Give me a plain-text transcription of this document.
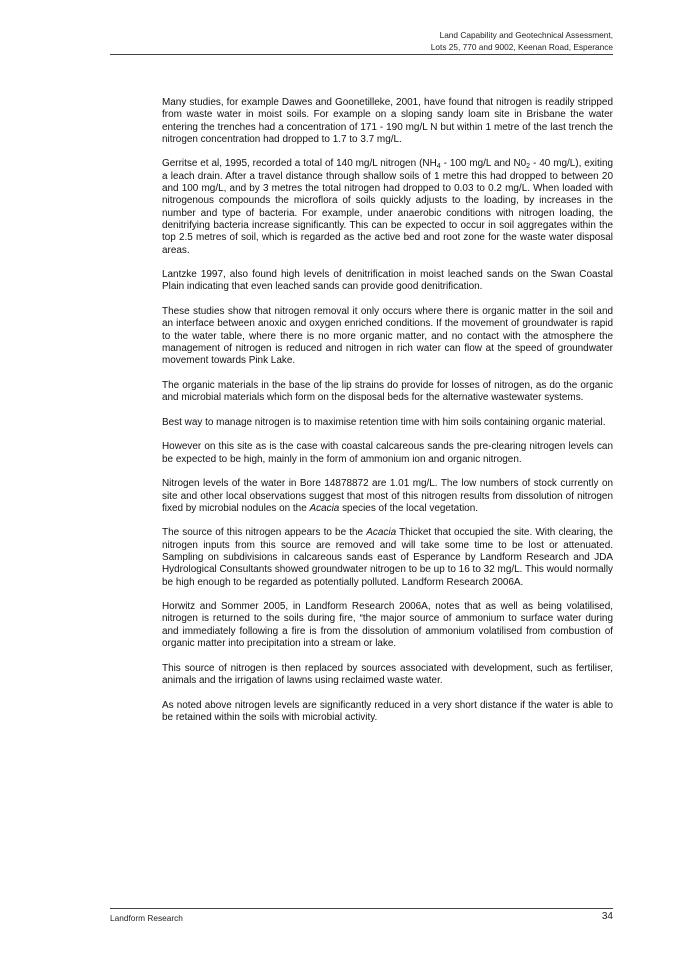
Land Capability and Geotechnical Assessment,
Lots 25, 770 and 9002, Keenan Road, Esperance

Many studies, for example Dawes and Goonetilleke, 2001, have found that nitrogen is readily stripped from waste water in moist soils. For example on a sloping sandy loam site in Brisbane the water entering the trenches had a concentration of 171 - 190 mg/L N but within 1 metre of the last trench the nitrogen concentration had dropped to 1.7 to 3.7 mg/L.

Gerritse et al, 1995, recorded a total of 140 mg/L nitrogen ($NH_4 - 100$ mg/L and $N0_2 - 40$ mg/L), exiting a leach drain. After a travel distance through shallow soils of 1 metre this had dropped to between 20 and 100 mg/L, and by 3 metres the total nitrogen had dropped to 0.03 to 0.2 mg/L. When loaded with nitrogenous compounds the microflora of soils quickly adjusts to the loading, by increases in the number and type of bacteria. For example, under anaerobic conditions with nitrogen loading, the denitrifying bacteria increase significantly. This can be expected to occur in soil aggregates within the top 2.5 metres of soil, which is regarded as the active bed and root zone for the waste water disposal areas.

Lantzke 1997, also found high levels of denitrification in moist leached sands on the Swan Coastal Plain indicating that even leached sands can provide good denitrification.

These studies show that nitrogen removal it only occurs where there is organic matter in the soil and an interface between anoxic and oxygen enriched conditions. If the movement of groundwater is rapid to the water table, where there is no more organic matter, and no contact with the atmosphere the management of nitrogen is reduced and nitrogen in rich water can flow at the speed of groundwater movement towards Pink Lake.

The organic materials in the base of the lip strains do provide for losses of nitrogen, as do the organic and microbial materials which form on the disposal beds for the alternative wastewater systems.

Best way to manage nitrogen is to maximise retention time with him soils containing organic material.

However on this site as is the case with coastal calcareous sands the pre-clearing nitrogen levels can be expected to be high, mainly in the form of ammonium ion and organic nitrogen.

Nitrogen levels of the water in Bore 14878872 are 1.01 mg/L. The low numbers of stock currently on site and other local observations suggest that most of this nitrogen results from dissolution of nitrogen fixed by microbial nodules on the Acacia species of the local vegetation.

The source of this nitrogen appears to be the Acacia Thicket that occupied the site. With clearing, the nitrogen inputs from this source are removed and will take some time to be lost or attenuated. Sampling on subdivisions in calcareous sands east of Esperance by Landform Research and JDA Hydrological Consultants showed groundwater nitrogen to be up to 16 to 32 mg/L. This would normally be high enough to be regarded as potentially polluted. Landform Research 2006A.

Horwitz and Sommer 2005, in Landform Research 2006A, notes that as well as being volatilised, nitrogen is returned to the soils during fire, “the major source of ammonium to surface water during and immediately following a fire is from the dissolution of ammonium volatilised from combustion of organic matter into precipitation into a stream or lake.

This source of nitrogen is then replaced by sources associated with development, such as fertiliser, animals and the irrigation of lawns using reclaimed waste water.

As noted above nitrogen levels are significantly reduced in a very short distance if the water is able to be retained within the soils with microbial activity.

Landform Research	34
